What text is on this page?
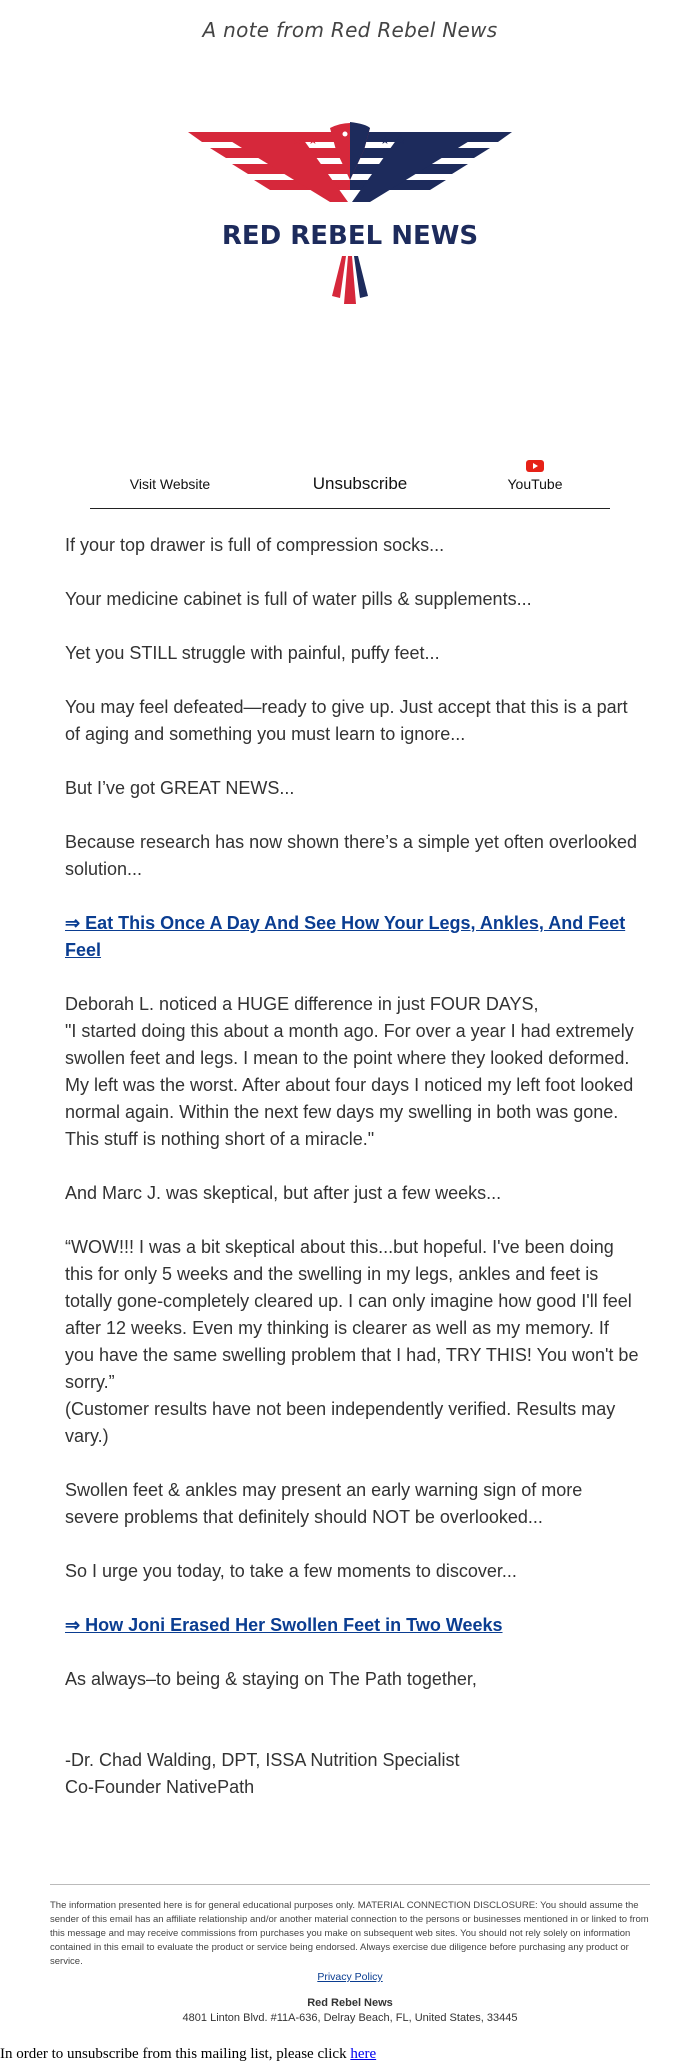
A note from Red Rebel News
★ ★	★ ★
RED REBEL NEWS
Visit Website	Unsubscribe	YouTube

If your top drawer is full of compression socks...

Your medicine cabinet is full of water pills & supplements...

Yet you STILL struggle with painful, puffy feet...

You may feel defeated—ready to give up. Just accept that this is a part of aging and something you must learn to ignore...

But I’ve got GREAT NEWS...

Because research has now shown there’s a simple yet often overlooked solution...

⇒ Eat This Once A Day And See How Your Legs, Ankles, And Feet Feel

Deborah L. noticed a HUGE difference in just FOUR DAYS,

"I started doing this about a month ago. For over a year I had extremely swollen feet and legs. I mean to the point where they looked deformed. My left was the worst. After about four days I noticed my left foot looked normal again. Within the next few days my swelling in both was gone. This stuff is nothing short of a miracle."

And Marc J. was skeptical, but after just a few weeks...

“WOW!!! I was a bit skeptical about this...but hopeful. I've been doing this for only 5 weeks and the swelling in my legs, ankles and feet is totally gone-completely cleared up. I can only imagine how good I'll feel after 12 weeks. Even my thinking is clearer as well as my memory. If you have the same swelling problem that I had, TRY THIS! You won't be sorry.”

(Customer results have not been independently verified. Results may vary.)

Swollen feet & ankles may present an early warning sign of more severe problems that definitely should NOT be overlooked...

So I urge you today, to take a few moments to discover...

⇒ How Joni Erased Her Swollen Feet in Two Weeks

As always–to being & staying on The Path together,

-Dr. Chad Walding, DPT, ISSA Nutrition Specialist

Co-Founder NativePath

The information presented here is for general educational purposes only. MATERIAL CONNECTION DISCLOSURE: You should assume the sender of this email has an affiliate relationship and/or another material connection to the persons or businesses mentioned in or linked to from this message and may receive commissions from purchases you make on subsequent web sites. You should not rely solely on information contained in this email to evaluate the product or service being endorsed. Always exercise due diligence before purchasing any product or service.

Privacy Policy
Red Rebel News
4801 Linton Blvd. #11A-636, Delray Beach, FL, United States, 33445
In order to unsubscribe from this mailing list, please click here
